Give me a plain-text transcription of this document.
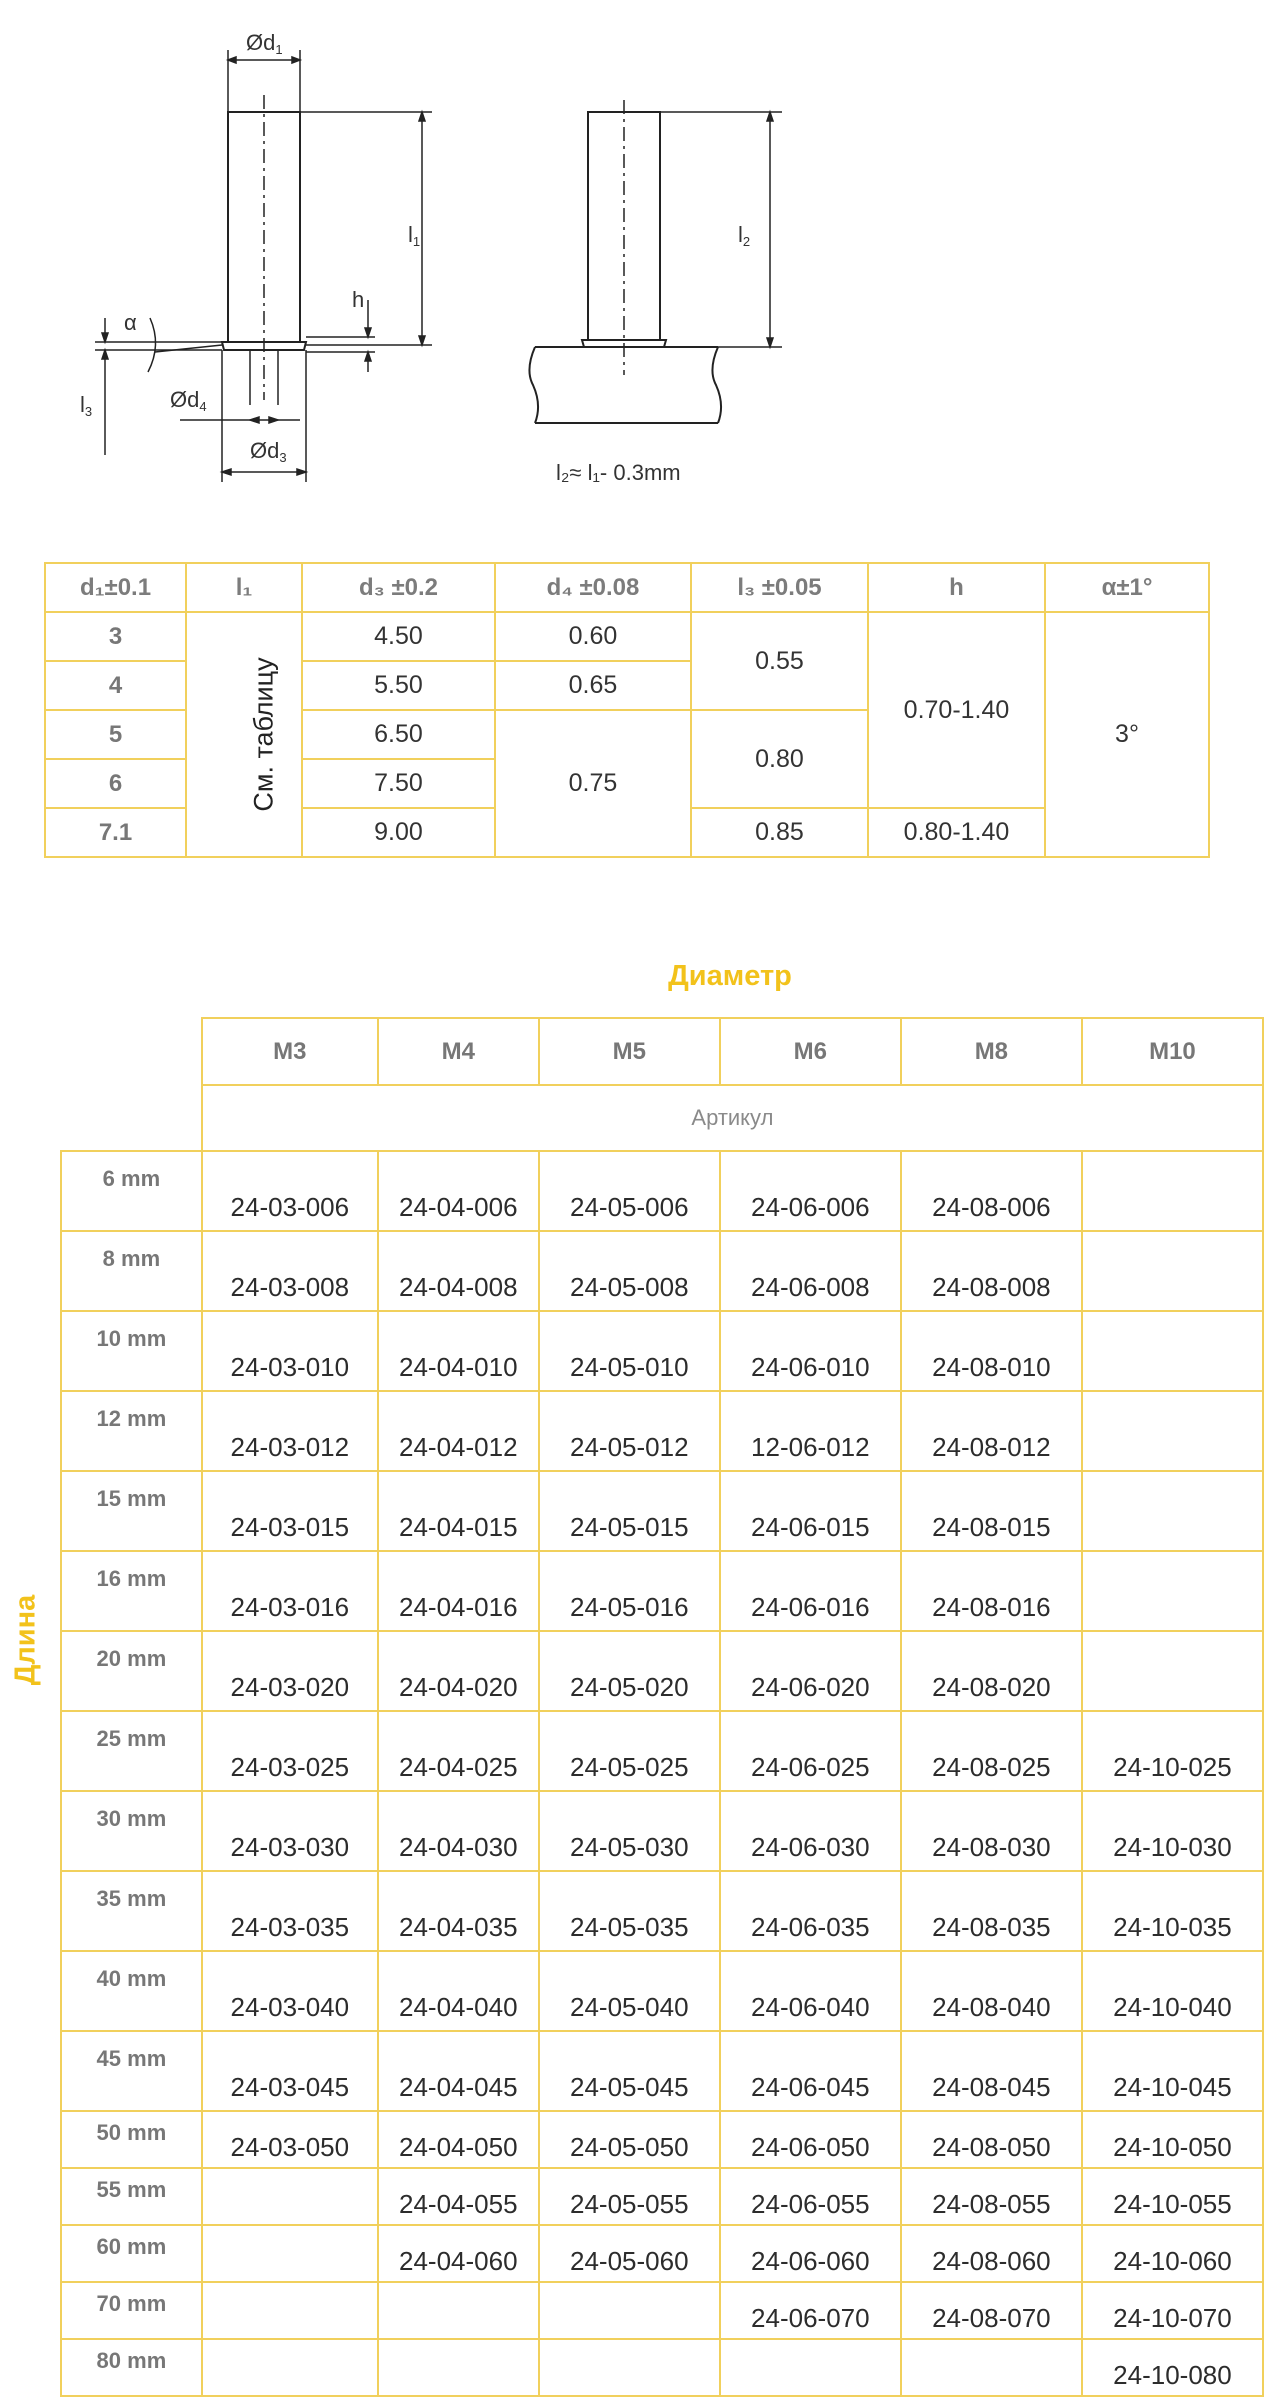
Ød1
l1
h
α
l3	Ød4
Ød3
l2
l₂≈ l₁- 0.3mm
d₁±0.1	l₁	d₃ ±0.2	d₄ ±0.08	l₃ ±0.05	h	α±1°
3	См. таблицу	4.50	0.60	0.55	0.70-1.40	3°
4		5.50	0.65			
5		6.50	0.75	0.80		
6		7.50				
7.1		9.00		0.85	0.80-1.40	
Диаметр
Длина
	M3	M4	M5	M6	M8	M10
	Артикул					
6 mm	24-03-006	24-04-006	24-05-006	24-06-006	24-08-006	
8 mm	24-03-008	24-04-008	24-05-008	24-06-008	24-08-008	
10 mm	24-03-010	24-04-010	24-05-010	24-06-010	24-08-010	
12 mm	24-03-012	24-04-012	24-05-012	12-06-012	24-08-012	
15 mm	24-03-015	24-04-015	24-05-015	24-06-015	24-08-015	
16 mm	24-03-016	24-04-016	24-05-016	24-06-016	24-08-016	
20 mm	24-03-020	24-04-020	24-05-020	24-06-020	24-08-020	
25 mm	24-03-025	24-04-025	24-05-025	24-06-025	24-08-025	24-10-025
30 mm	24-03-030	24-04-030	24-05-030	24-06-030	24-08-030	24-10-030
35 mm	24-03-035	24-04-035	24-05-035	24-06-035	24-08-035	24-10-035
40 mm	24-03-040	24-04-040	24-05-040	24-06-040	24-08-040	24-10-040
45 mm	24-03-045	24-04-045	24-05-045	24-06-045	24-08-045	24-10-045
50 mm	24-03-050	24-04-050	24-05-050	24-06-050	24-08-050	24-10-050
55 mm		24-04-055	24-05-055	24-06-055	24-08-055	24-10-055
60 mm		24-04-060	24-05-060	24-06-060	24-08-060	24-10-060
70 mm				24-06-070	24-08-070	24-10-070
80 mm						24-10-080
